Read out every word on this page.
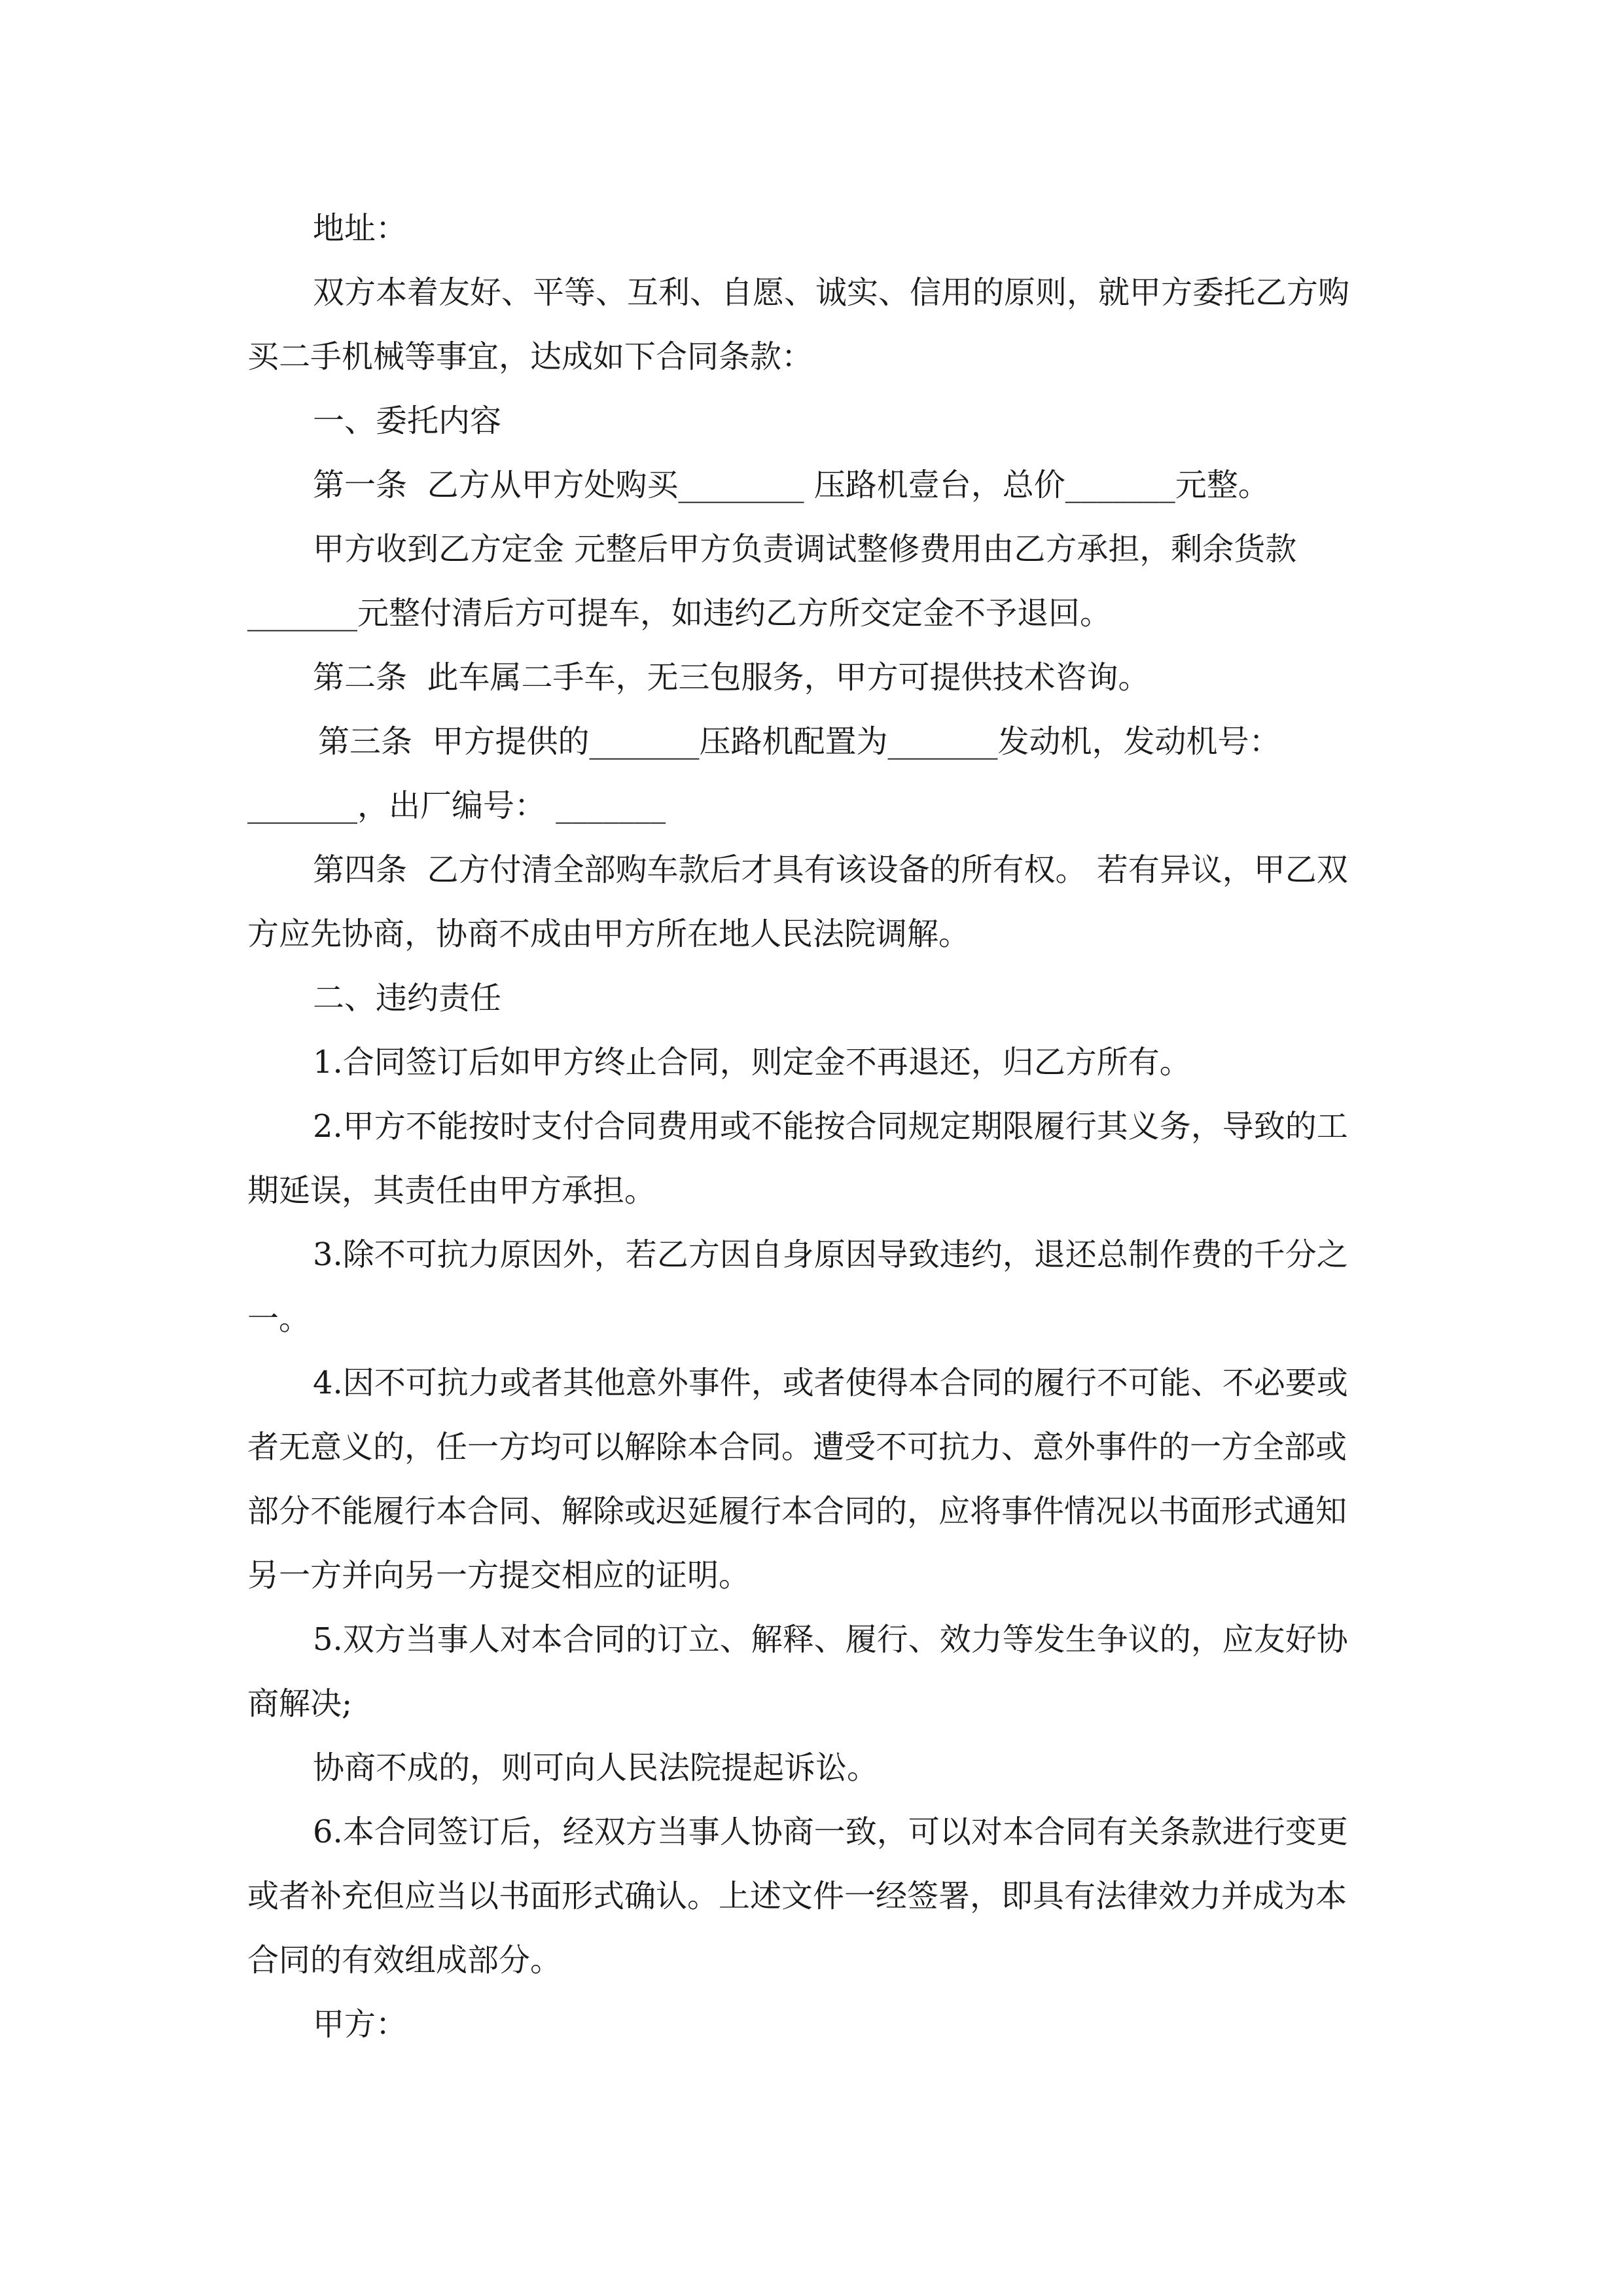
地址：
双方本着友好、平等、互利、自愿、诚实、信用的原则，就甲方委托乙方购
买二手机械等事宜，达成如下合同条款：
一、委托内容
第一条  乙方从甲方处购买________ 压路机壹台，总价_______元整。
甲方收到乙方定金 元整后甲方负责调试整修费用由乙方承担，剩余货款
_______元整付清后方可提车，如违约乙方所交定金不予退回。
第二条  此车属二手车，无三包服务，甲方可提供技术咨询。
第三条  甲方提供的_______压路机配置为_______发动机，发动机号：
_______，出厂编号： _______
第四条  乙方付清全部购车款后才具有该设备的所有权。 若有异议，甲乙双
方应先协商，协商不成由甲方所在地人民法院调解。
二、违约责任
1.合同签订后如甲方终止合同，则定金不再退还，归乙方所有。
2.甲方不能按时支付合同费用或不能按合同规定期限履行其义务，导致的工
期延误，其责任由甲方承担。
3.除不可抗力原因外，若乙方因自身原因导致违约，退还总制作费的千分之
一。
4.因不可抗力或者其他意外事件，或者使得本合同的履行不可能、不必要或
者无意义的，任一方均可以解除本合同。遭受不可抗力、意外事件的一方全部或
部分不能履行本合同、解除或迟延履行本合同的，应将事件情况以书面形式通知
另一方并向另一方提交相应的证明。
5.双方当事人对本合同的订立、解释、履行、效力等发生争议的，应友好协
商解决;
协商不成的，则可向人民法院提起诉讼。
6.本合同签订后，经双方当事人协商一致，可以对本合同有关条款进行变更
或者补充但应当以书面形式确认。上述文件一经签署，即具有法律效力并成为本
合同的有效组成部分。
甲方：
